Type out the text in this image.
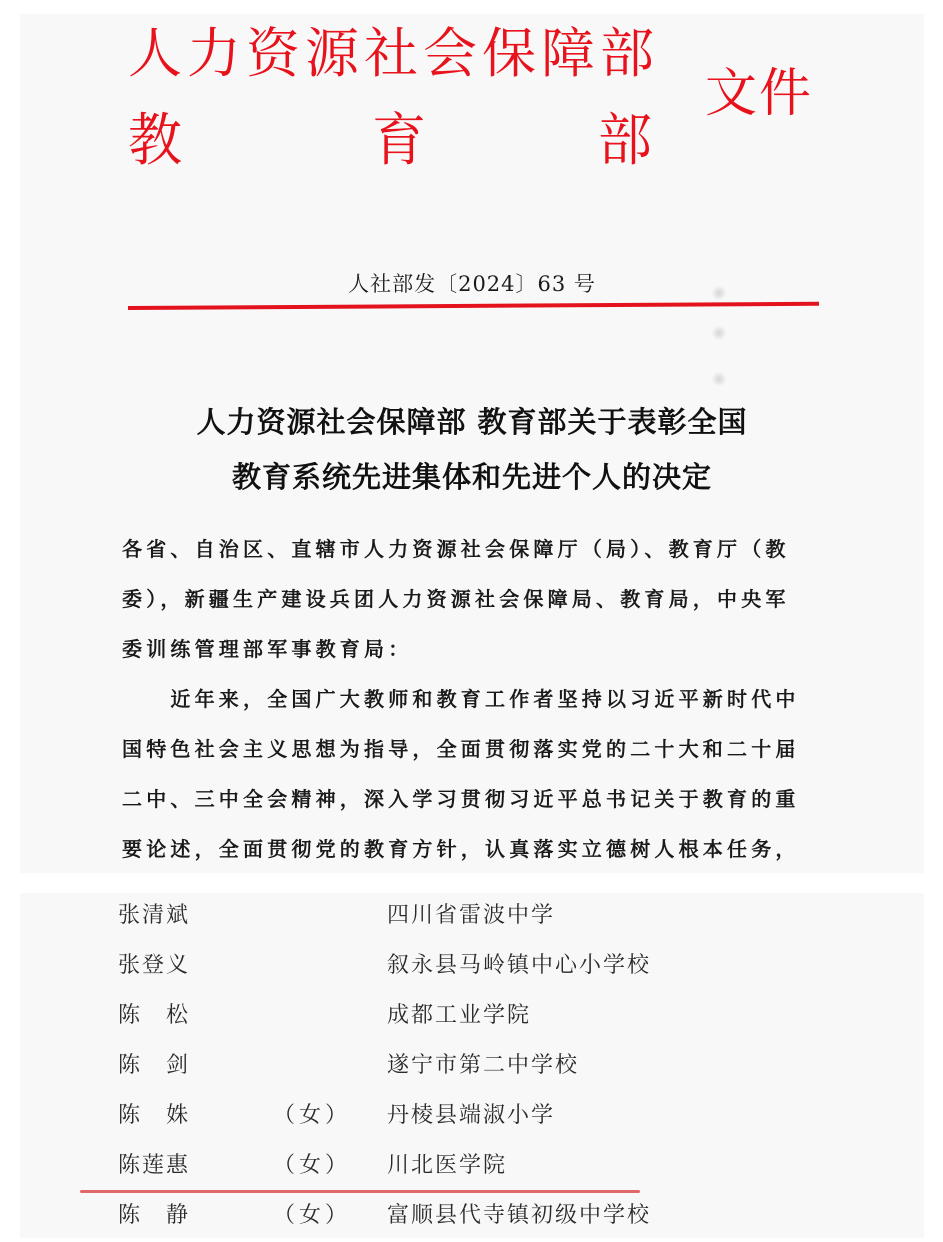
人力资源社会保障部
教	育	部
文件
人社部发〔2024〕63 号
人力资源社会保障部 教育部关于表彰全国
教育系统先进集体和先进个人的决定
各省、自治区、直辖市人力资源社会保障厅（局）、教育厅（教
委），新疆生产建设兵团人力资源社会保障局、教育局，中央军
委训练管理部军事教育局：
　　近年来，全国广大教师和教育工作者坚持以习近平新时代中
国特色社会主义思想为指导，全面贯彻落实党的二十大和二十届
二中、三中全会精神，深入学习贯彻习近平总书记关于教育的重
要论述，全面贯彻党的教育方针，认真落实立德树人根本任务，
张清斌	四川省雷波中学
张登义	叙永县马岭镇中心小学校
陈　松	成都工业学院
陈　剑	遂宁市第二中学校
陈　姝	（女） 丹棱县端淑小学
陈莲惠	（女） 川北医学院
陈　静	（女） 富顺县代寺镇初级中学校
